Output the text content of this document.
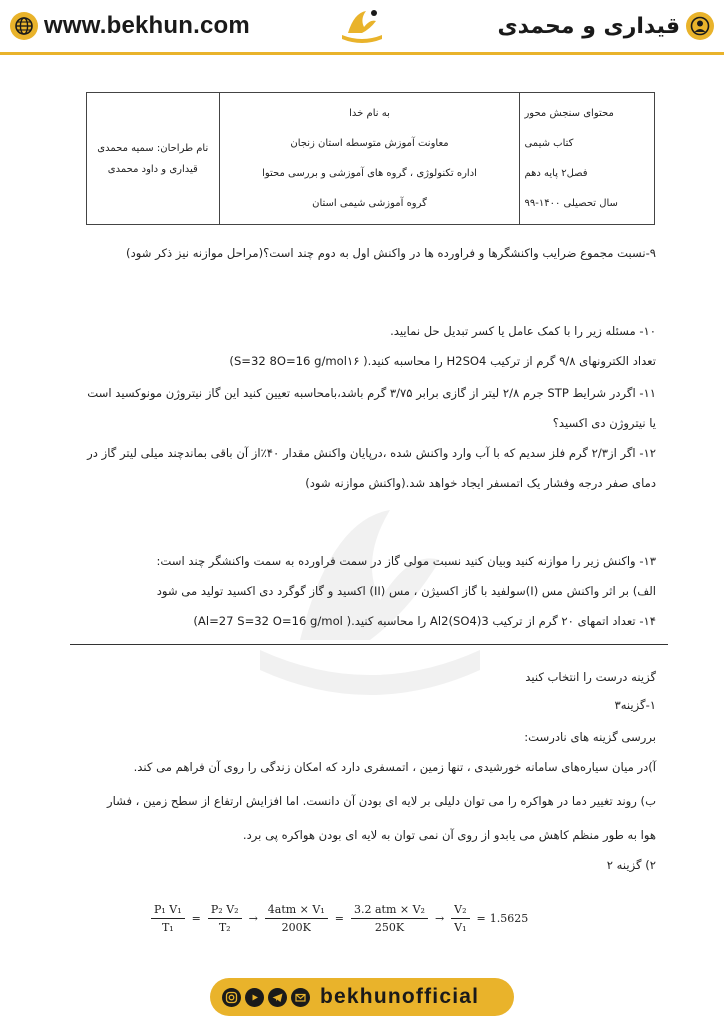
www.bekhun.com	قیداری و محمدی
محتوای سنجش محور
کتاب شیمی
فصل۲ پایه دهم
سال تحصیلی ۱۴۰۰-۹۹
به نام خدا
معاونت آموزش متوسطه استان زنجان
اداره تکنولوژی ، گروه های آموزشی و بررسی محتوا
گروه آموزشی شیمی استان
نام طراحان: سمیه محمدی
قیداری و داود محمدی
۹-نسبت مجموع ضرایب واکنشگرها و فراورده ها در واکنش اول به دوم چند است؟(مراحل موازنه نیز ذکر شود)
۱۰- مسئله زیر را با کمک عامل یا کسر تبدیل حل نمایید.
تعداد الکترونهای ۹/۸ گرم از ترکیب H2SO4 را محاسبه کنید.( S=32 8O=16 g/mol۱۶)
۱۱- اگردر شرایط STP جرم ۲/۸ لیتر از گازی برابر ۳/۷۵ گرم باشد،بامحاسبه تعیین کنید این گاز نیتروژن مونوکسید است
یا نیتروژن دی اکسید؟
۱۲- اگر از۲/۳ گرم فلز سدیم که با آب وارد واکنش شده ،درپایان واکنش مقدار ۴۰٪از آن باقی بماندچند میلی لیتر گاز در
دمای صفر درجه وفشار یک اتمسفر ایجاد خواهد شد.(واکنش موازنه شود)
۱۳- واکنش زیر را موازنه کنید وبیان کنید نسبت مولی گاز در سمت فراورده به سمت واکنشگر چند است:
الف) بر اثر واکنش مس (I)سولفید با گاز اکسیژن ، مس (II) اکسید و گاز گوگرد دی اکسید تولید می شود
۱۴- تعداد اتمهای ۲۰ گرم از ترکیب Al2(SO4)3 را محاسبه کنید.( Al=27 S=32 O=16 g/mol)
گزینه درست را انتخاب کنید
۱-گزینه۳
بررسی گزینه های نادرست:
آ)در میان سیاره‌های سامانه خورشیدی ، تنها زمین ، اتمسفری دارد که امکان زندگی را روی آن فراهم می کند.
ب) روند تغییر دما در هواکره را می توان دلیلی بر لایه ای بودن آن دانست. اما افزایش ارتفاع از سطح زمین ، فشار
هوا به طور منظم کاهش می یابدو از روی آن نمی توان به لایه ای بودن هواکره پی برد.
۲) گزینه ۲
$\frac{\text{P₁ V₁}}{\text{T₁}} = \frac{\text{P₂ V₂}}{\text{T₂}} \to \frac{\text{4atm × V₁}}{200K} = \frac{\text{3.2 atm × V₂}}{250K} \to \frac{\text{V₂}}{\text{V₁}} = 1.5625$
bekhunofficial
